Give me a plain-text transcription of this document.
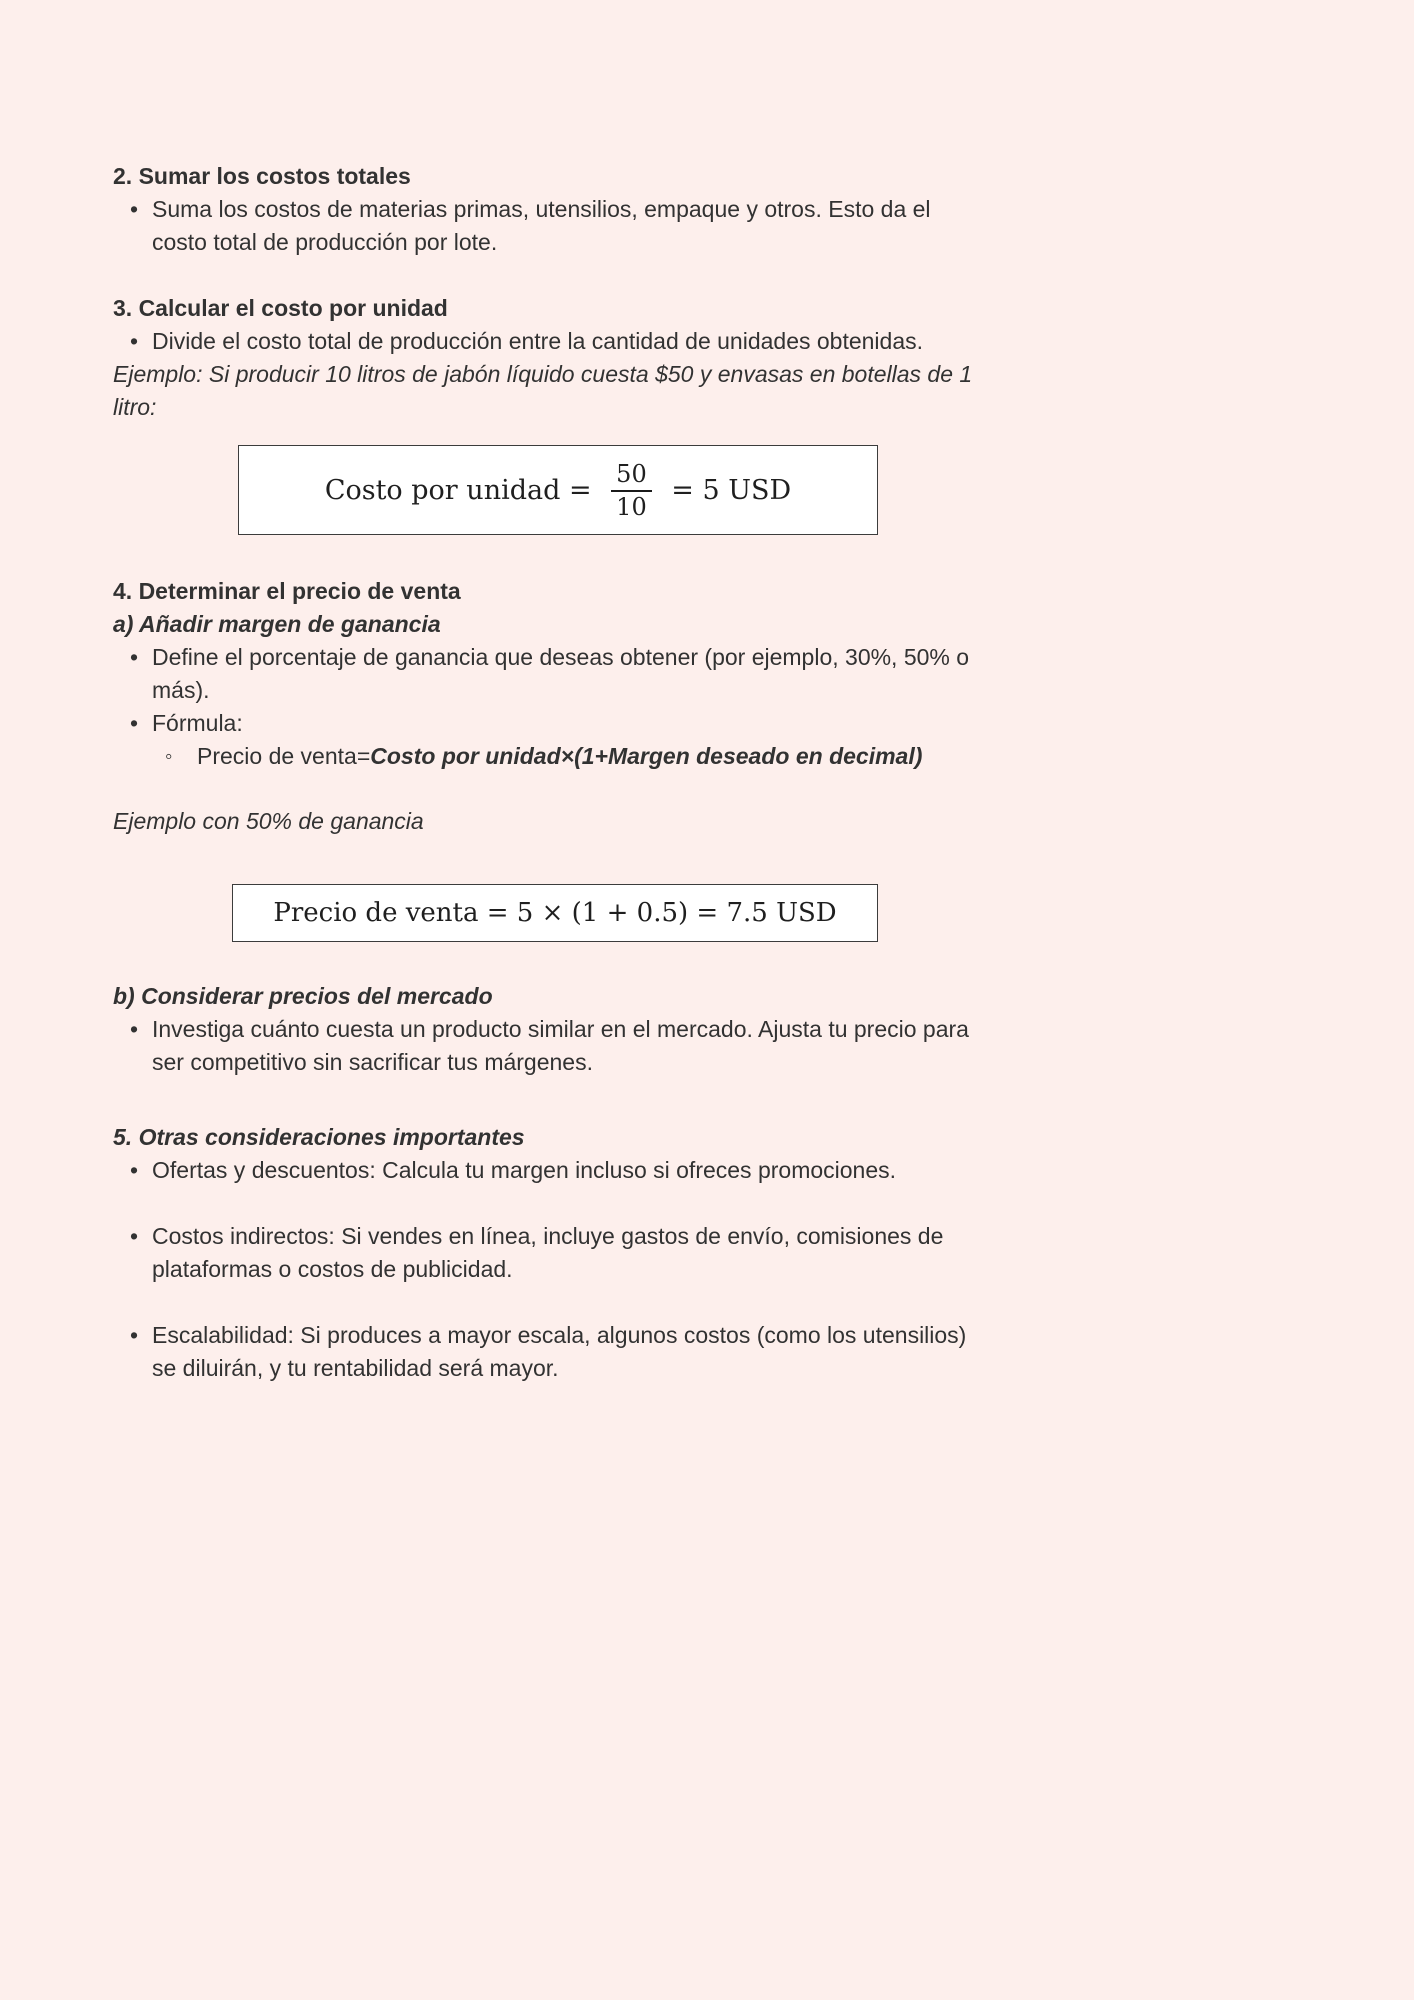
2. Sumar los costos totales
• Suma los costos de materias primas, utensilios, empaque y otros. Esto da el costo total de producción por lote.
3. Calcular el costo por unidad
• Divide el costo total de producción entre la cantidad de unidades obtenidas.
Ejemplo: Si producir 10 litros de jabón líquido cuesta $50 y envasas en botellas de 1 litro:
Costo por unidad = $\frac{50}{10} = 5$ USD
4. Determinar el precio de venta
a) Añadir margen de ganancia
• Define el porcentaje de ganancia que deseas obtener (por ejemplo, 30%, 50% o más).
• Fórmula:
◦	Precio de venta=Costo por unidad×(1+Margen deseado en decimal)
Ejemplo con 50% de ganancia
Precio de venta = 5 × (1 + 0.5) = 7.5 USD
b) Considerar precios del mercado
• Investiga cuánto cuesta un producto similar en el mercado. Ajusta tu precio para ser competitivo sin sacrificar tus márgenes.
5. Otras consideraciones importantes
• Ofertas y descuentos: Calcula tu margen incluso si ofreces promociones.
• Costos indirectos: Si vendes en línea, incluye gastos de envío, comisiones de plataformas o costos de publicidad.
• Escalabilidad: Si produces a mayor escala, algunos costos (como los utensilios) se diluirán, y tu rentabilidad será mayor.
